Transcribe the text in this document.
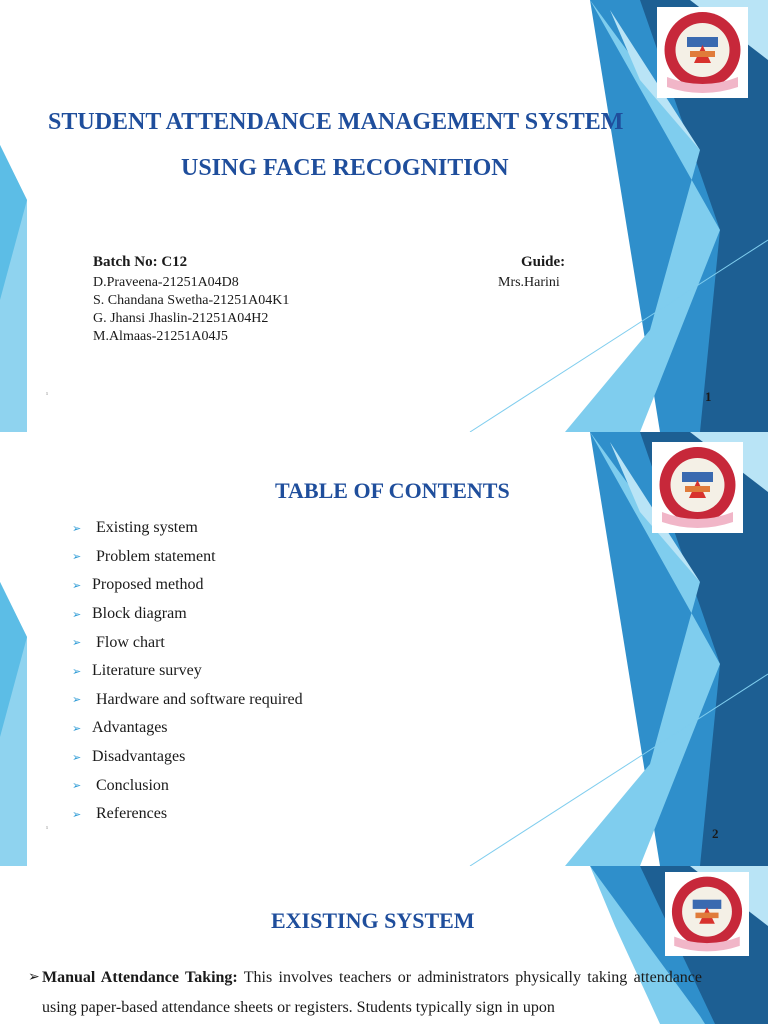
STUDENT ATTENDANCE MANAGEMENT SYSTEM
USING FACE RECOGNITION
Batch No: C12	Guide:
Mrs.Harini
D.Praveena-21251A04D8
S. Chandana Swetha-21251A04K1
G. Jhansi Jhaslin-21251A04H2
M.Almaas-21251A04J5
¹	1
TABLE OF CONTENTS
¹	2
➢ Existing system
➢ Problem statement
➢ Proposed method
➢ Block diagram
➢ Flow chart
➢ Literature survey
➢ Hardware and software required
➢ Advantages
➢ Disadvantages
➢ Conclusion
➢ References
EXISTING SYSTEM
➢ Manual Attendance Taking: This involves teachers or administrators physically taking attendance using paper-based attendance sheets or registers. Students typically sign in upon
